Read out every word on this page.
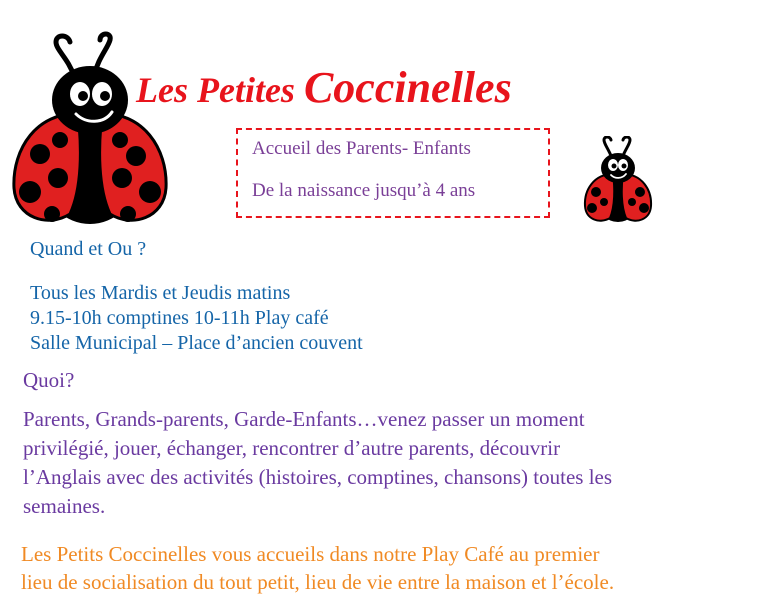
Les Petites Coccinelles
Accueil des Parents- Enfants
De la naissance jusqu’à 4 ans
Quand et Ou ?
Tous les Mardis et Jeudis matins
9.15-10h comptines 10-11h Play café
Salle Municipal – Place d’ancien couvent
Quoi?
Parents, Grands-parents, Garde-Enfants…venez passer un moment
privilégié, jouer, échanger, rencontrer d’autre parents, découvrir
l’Anglais avec des activités (histoires, comptines, chansons) toutes les
semaines.
Les Petits Coccinelles vous accueils dans notre Play Café au premier
lieu de socialisation du tout petit, lieu de vie entre la maison et l’école.
